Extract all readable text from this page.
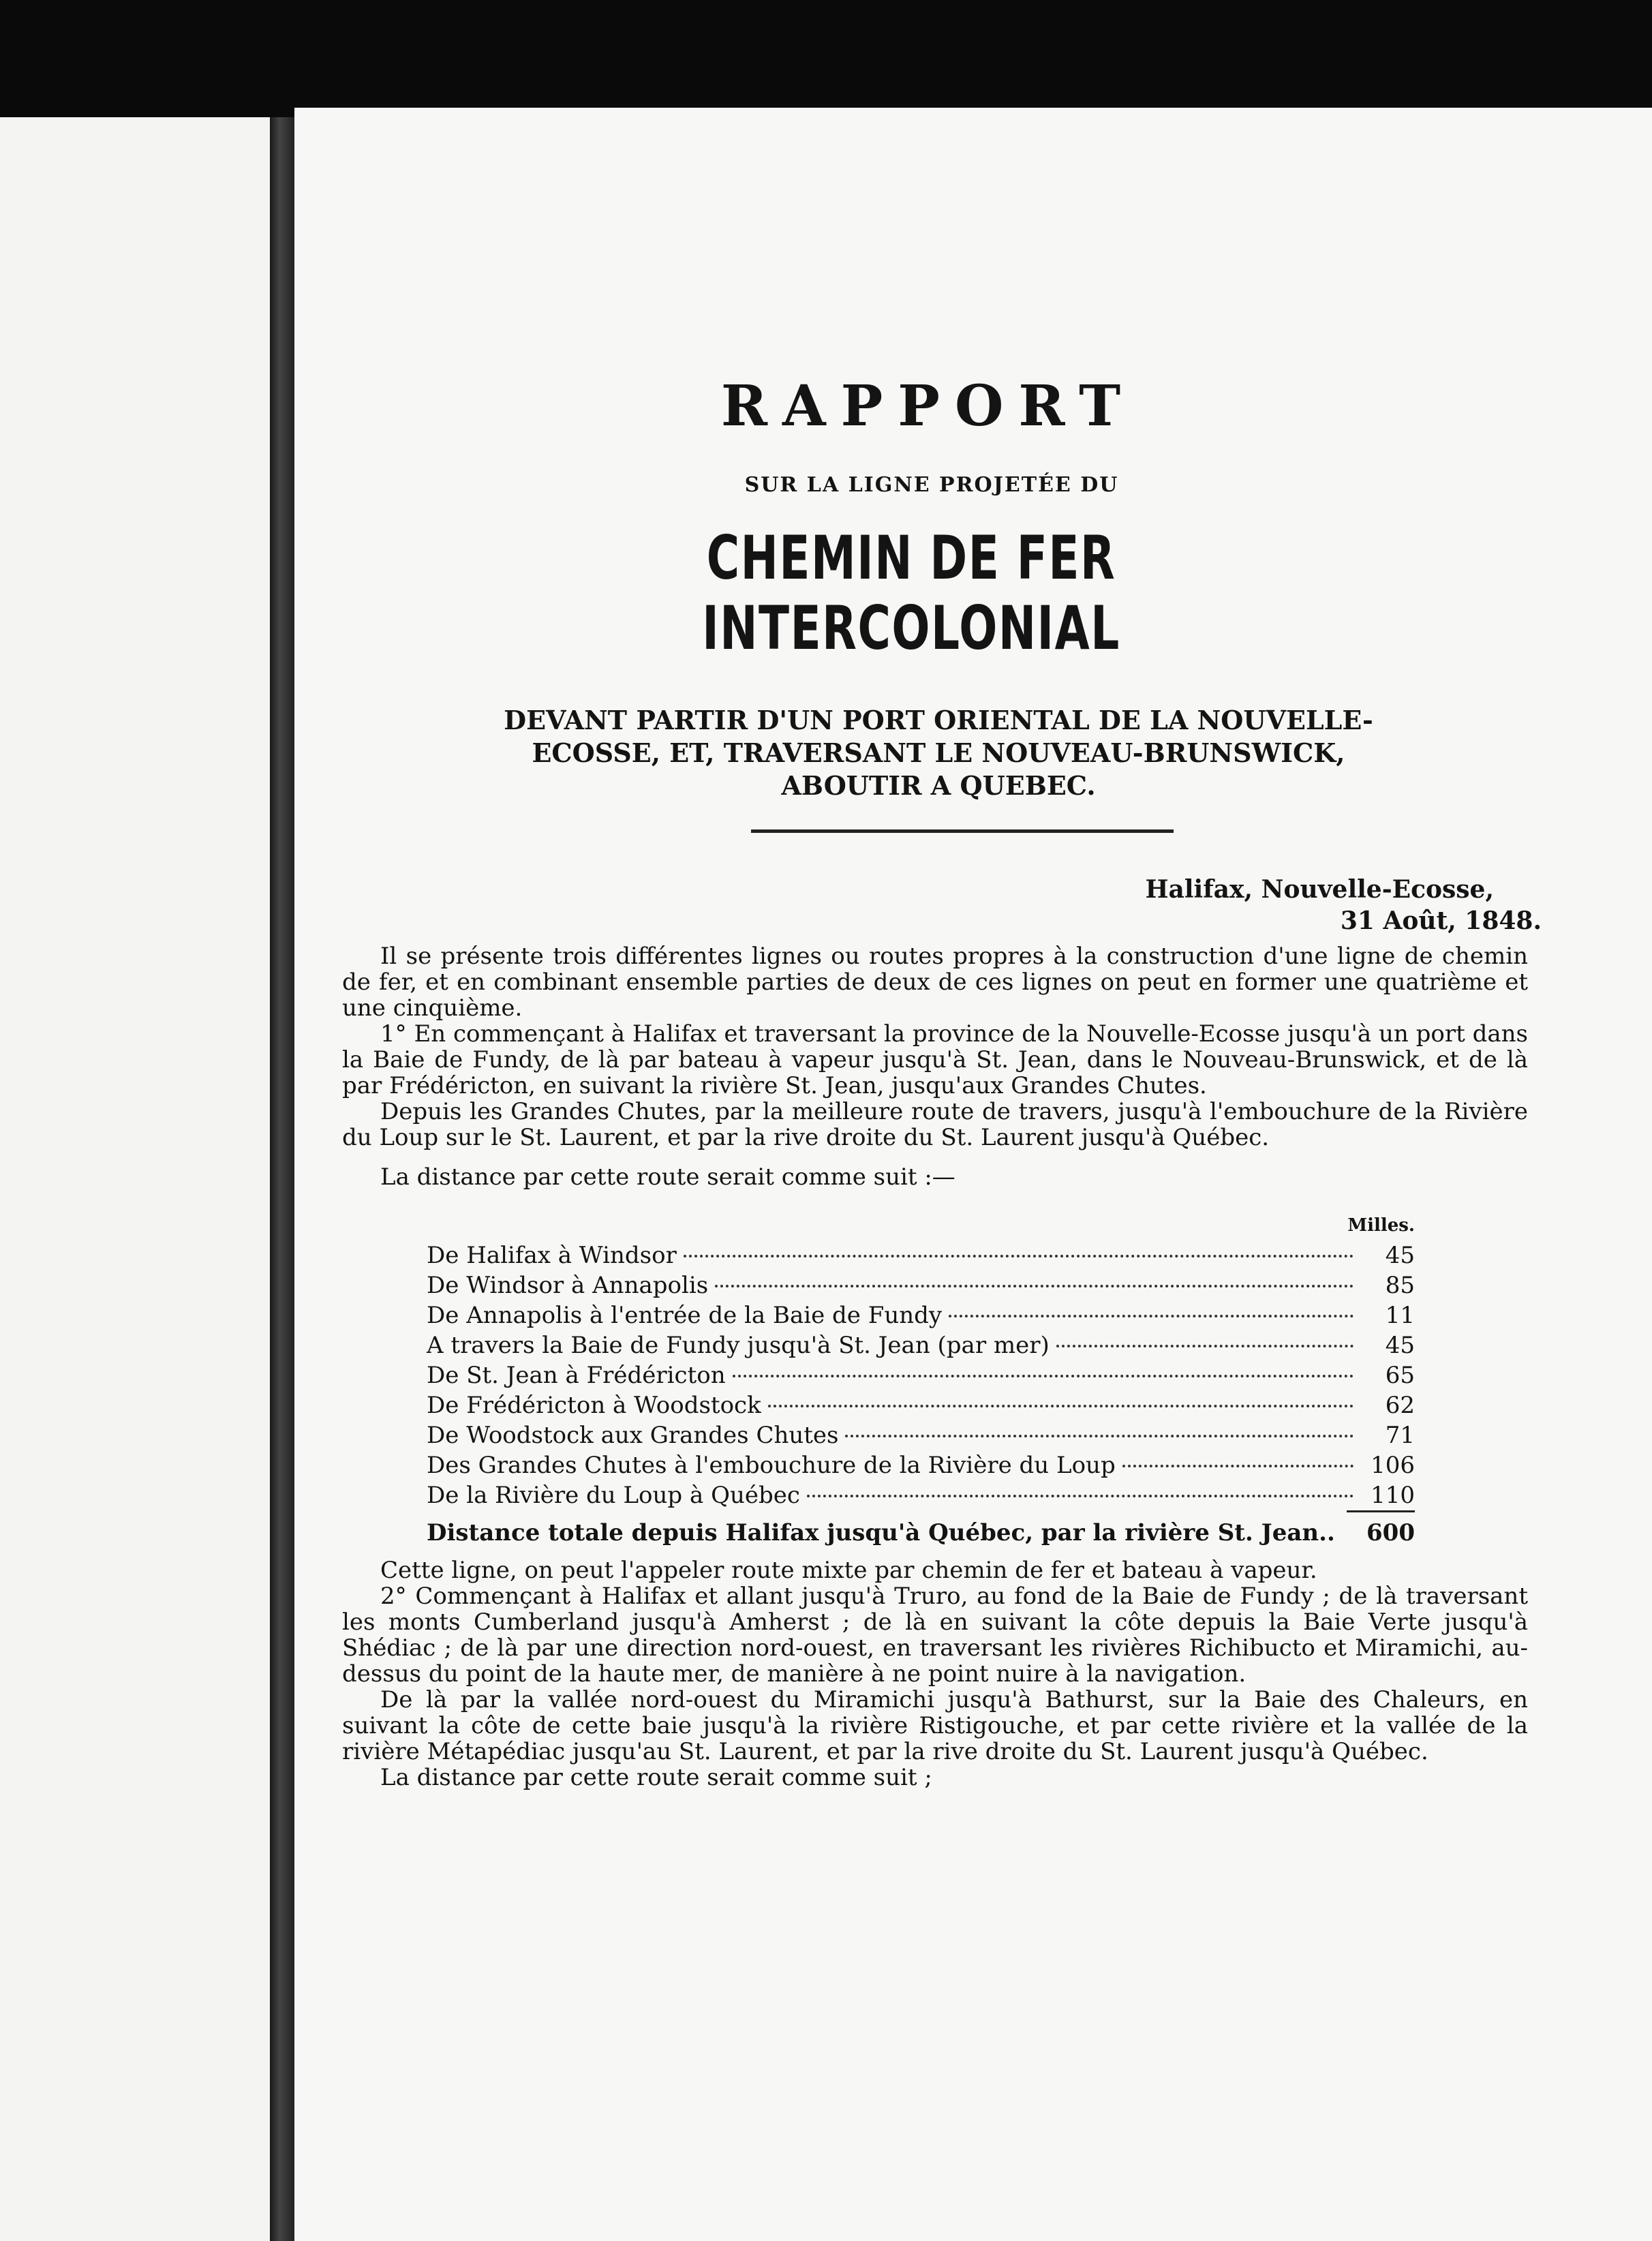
RAPPORT
SUR LA LIGNE PROJETÉE DU
CHEMIN DE FER INTERCOLONIAL
DEVANT PARTIR D'UN PORT ORIENTAL DE LA NOUVELLE-
ECOSSE, ET, TRAVERSANT LE NOUVEAU-BRUNSWICK,
ABOUTIR A QUEBEC.
Halifax, Nouvelle-Ecosse,
31 Août, 1848.

Il se présente trois différentes lignes ou routes propres à la construction d'une ligne de chemin de fer, et en combinant ensemble parties de deux de ces lignes on peut en former une quatrième et une cinquième.

1° En commençant à Halifax et traversant la province de la Nouvelle-Ecosse jusqu'à un port dans la Baie de Fundy, de là par bateau à vapeur jusqu'à St. Jean, dans le Nouveau-Brunswick, et de là par Frédéricton, en suivant la rivière St. Jean, jusqu'aux Grandes Chutes.

Depuis les Grandes Chutes, par la meilleure route de travers, jusqu'à l'embouchure de la Rivière du Loup sur le St. Laurent, et par la rive droite du St. Laurent jusqu'à Québec.

La distance par cette route serait comme suit :—

Milles.
De Halifax à Windsor	45
De Windsor à Annapolis	85
De Annapolis à l'entrée de la Baie de Fundy	11
A travers la Baie de Fundy jusqu'à St. Jean (par mer)	45
De St. Jean à Frédéricton	65
De Frédéricton à Woodstock	62
De Woodstock aux Grandes Chutes	71
Des Grandes Chutes à l'embouchure de la Rivière du Loup	106
De la Rivière du Loup à Québec	110
Distance totale depuis Halifax jusqu'à Québec, par la rivière St. Jean.. 600

Cette ligne, on peut l'appeler route mixte par chemin de fer et bateau à vapeur.

2° Commençant à Halifax et allant jusqu'à Truro, au fond de la Baie de Fundy ; de là traversant les monts Cumberland jusqu'à Amherst ; de là en suivant la côte depuis la Baie Verte jusqu'à Shédiac ; de là par une direction nord-ouest, en traversant les rivières Richibucto et Miramichi, au-dessus du point de la haute mer, de manière à ne point nuire à la navigation.

De là par la vallée nord-ouest du Miramichi jusqu'à Bathurst, sur la Baie des Chaleurs, en suivant la côte de cette baie jusqu'à la rivière Ristigouche, et par cette rivière et la vallée de la rivière Métapédiac jusqu'au St. Laurent, et par la rive droite du St. Laurent jusqu'à Québec.

La distance par cette route serait comme suit ;
